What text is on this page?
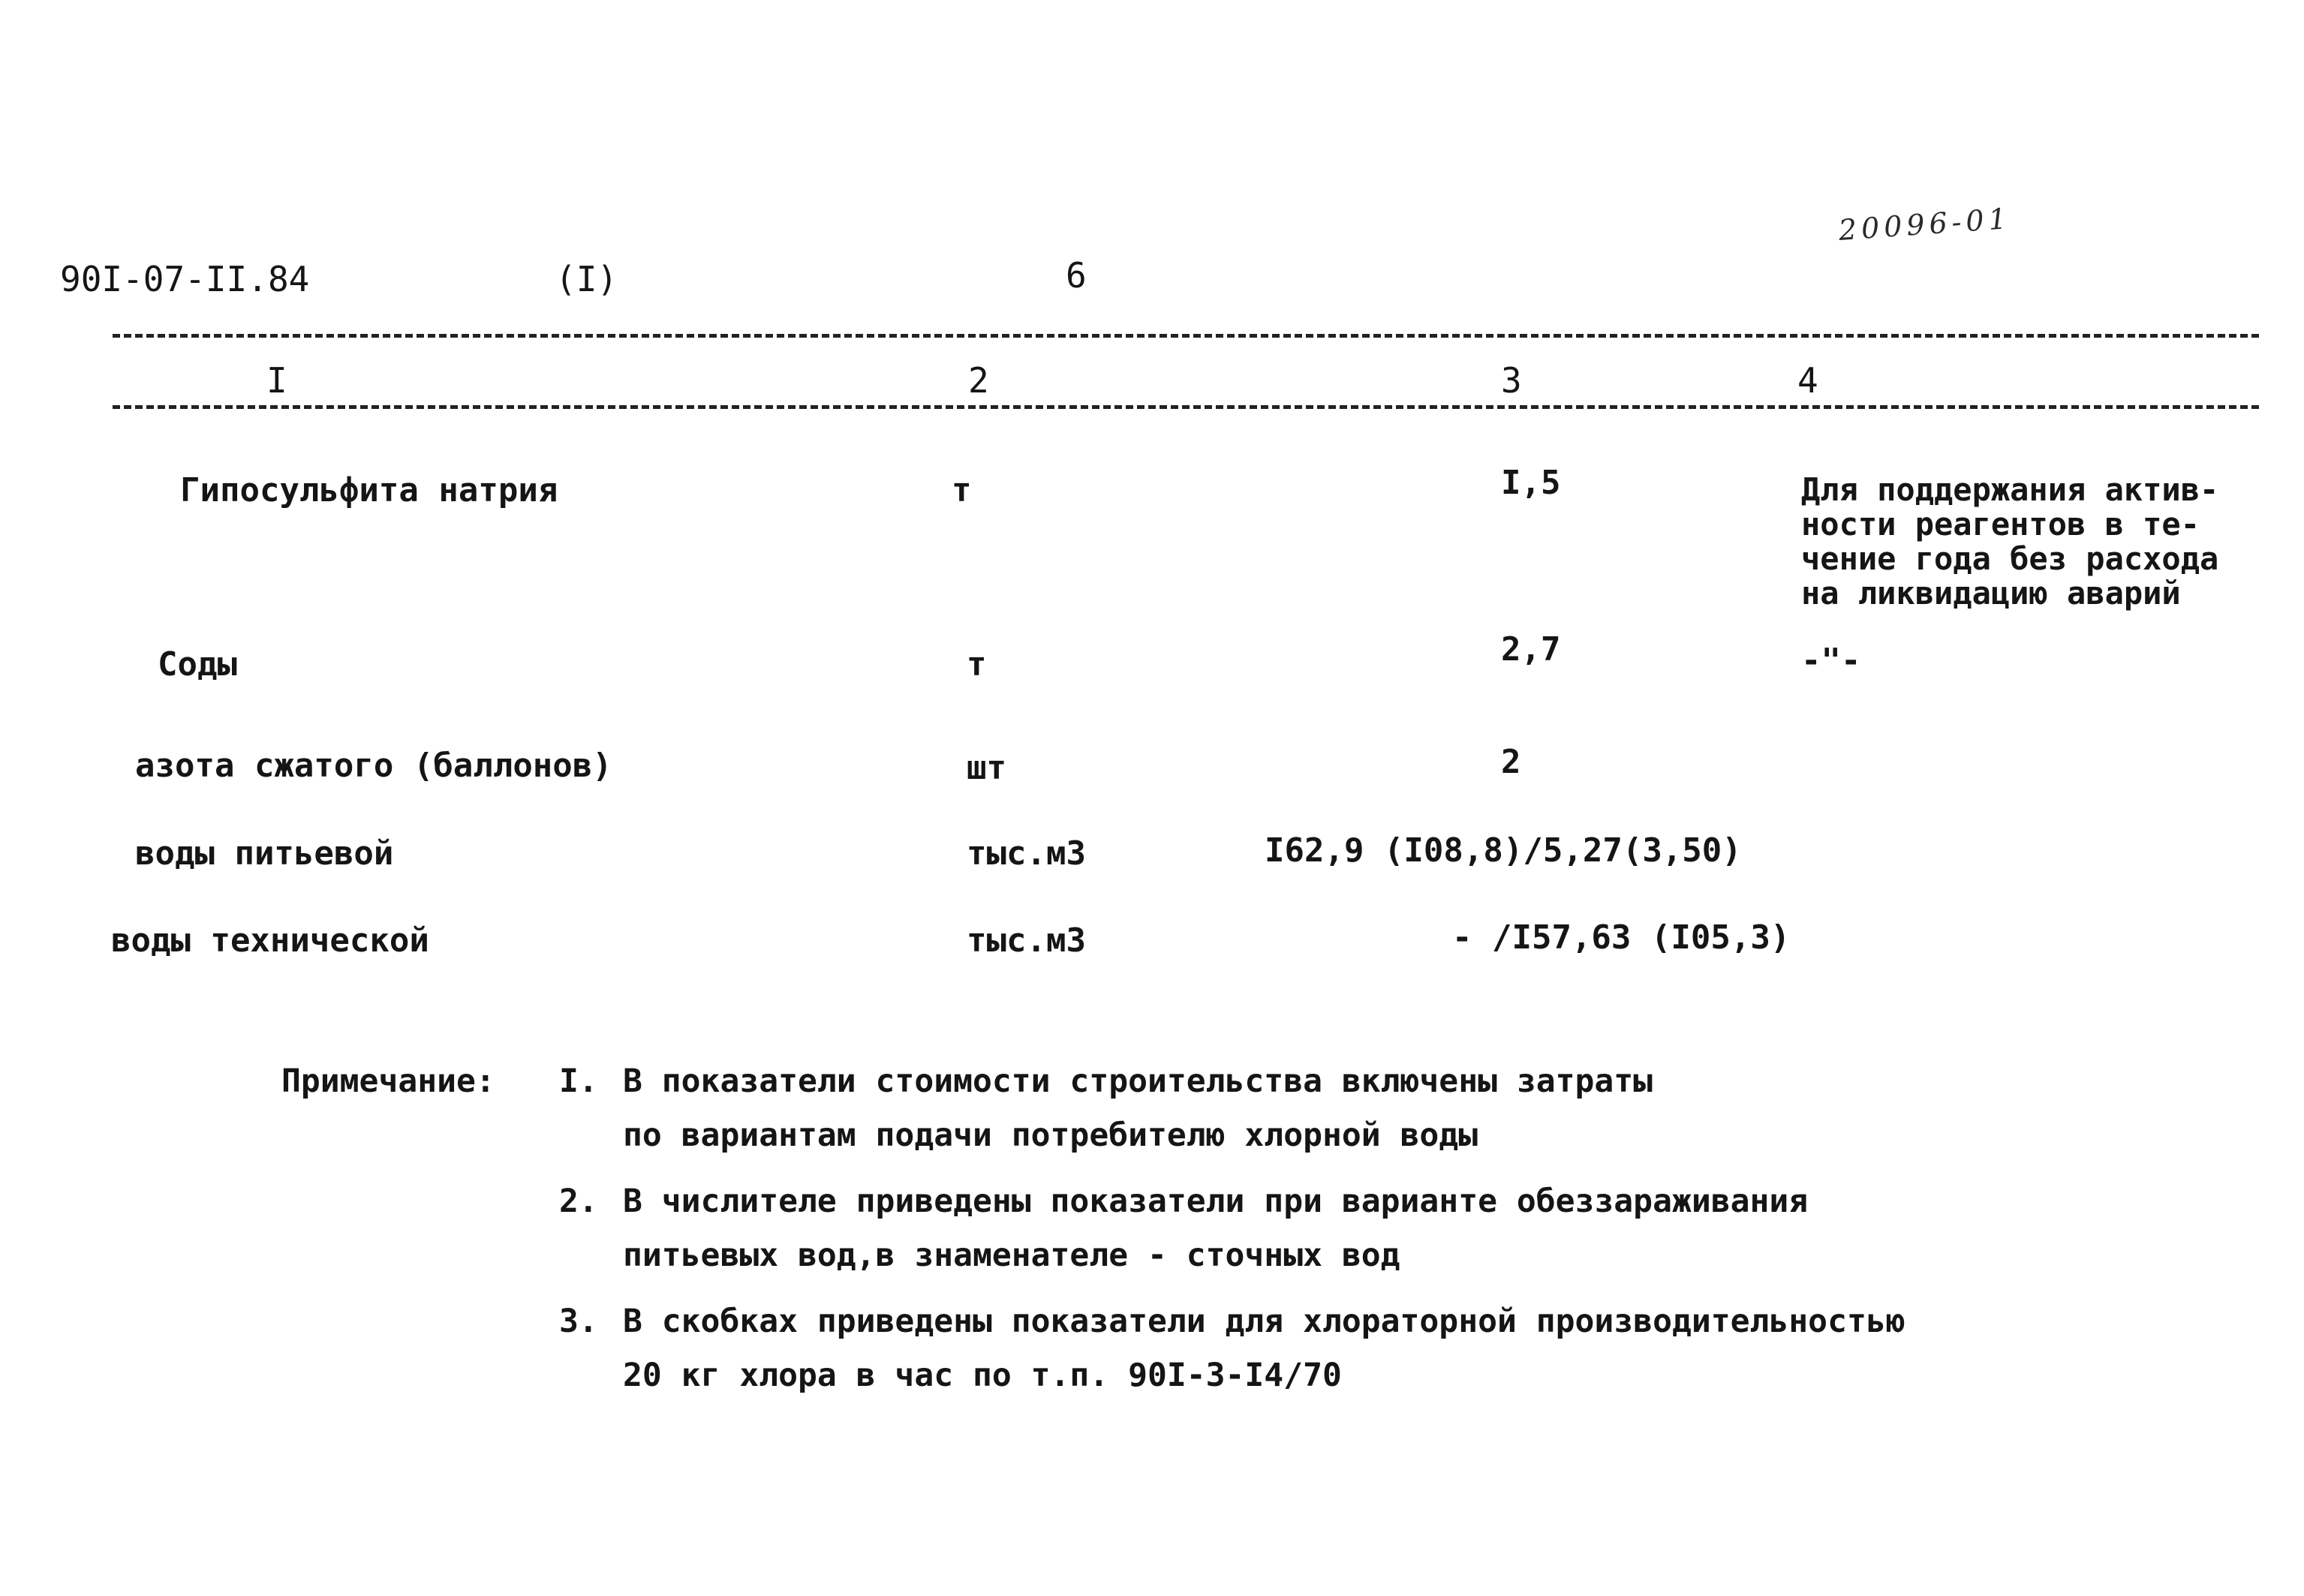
20096-01
90I-07-II.84	(I)	6
I	2	3	4
Гипосульфита натрия	т	I,5	Для поддержания актив-
ности реагентов в те-
чение года без расхода
на ликвидацию аварий
Соды	т	2,7	-"-
азота сжатого (баллонов)	шт	2
воды питьевой	тыс.м3	I62,9 (I08,8)/5,27(3,50)
воды технической	тыс.м3	- /I57,63 (I05,3)
Примечание: I. В показатели стоимости строительства включены затраты
по вариантам подачи потребителю хлорной воды
2. В числителе приведены показатели при варианте обеззараживания
питьевых вод,в знаменателе - сточных вод
3. В скобках приведены показатели для хлораторной производительностью
20 кг хлора в час по т.п. 90I-3-I4/70
